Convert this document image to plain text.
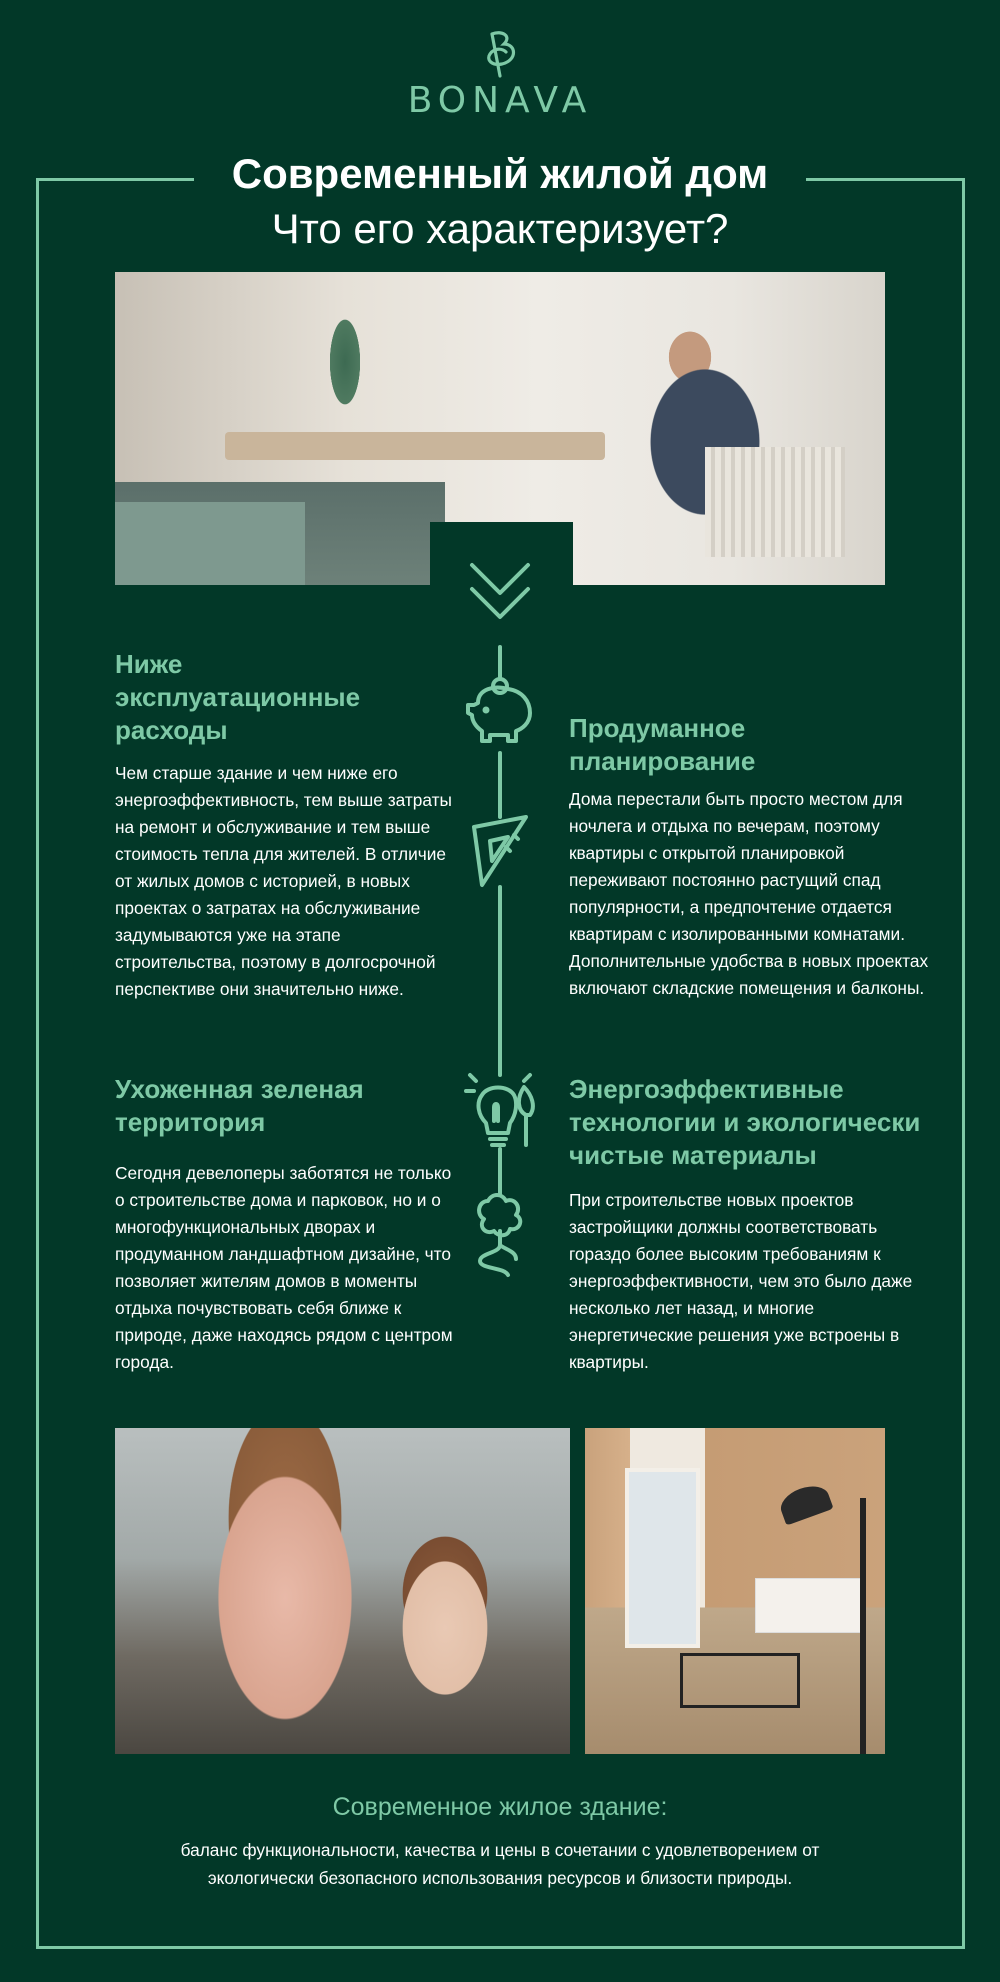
BONAVA
Современный жилой дом
Что его характеризует?
Ниже эксплуатационные расходы
Чем старше здание и чем ниже его энергоэффективность, тем выше затраты на ремонт и обслуживание и тем выше стоимость тепла для жителей. В отличие от жилых домов с историей, в новых проектах о затратах на обслуживание задумываются уже на этапе строительства, поэтому в долгосрочной перспективе они значительно ниже.
Продуманное планирование
Дома перестали быть просто местом для ночлега и отдыха по вечерам, поэтому квартиры с открытой планировкой переживают постоянно растущий спад популярности, а предпочтение отдается квартирам с изолированными комнатами. Дополнительные удобства в новых проектах включают складские помещения и балконы.
Ухоженная зеленая территория
Сегодня девелоперы заботятся не только о строительстве дома и парковок, но и о многофункциональных дворах и продуманном ландшафтном дизайне, что позволяет жителям домов в моменты отдыха почувствовать себя ближе к природе, даже находясь рядом с центром города.
Энергоэффективные технологии и экологически чистые материалы
При строительстве новых проектов застройщики должны соответствовать гораздо более высоким требованиям к энергоэффективности, чем это было даже несколько лет назад, и многие энергетические решения уже встроены в квартиры.
Современное жилое здание:
баланс функциональности, качества и цены в сочетании с удовлетворением от экологически безопасного использования ресурсов и близости природы.
